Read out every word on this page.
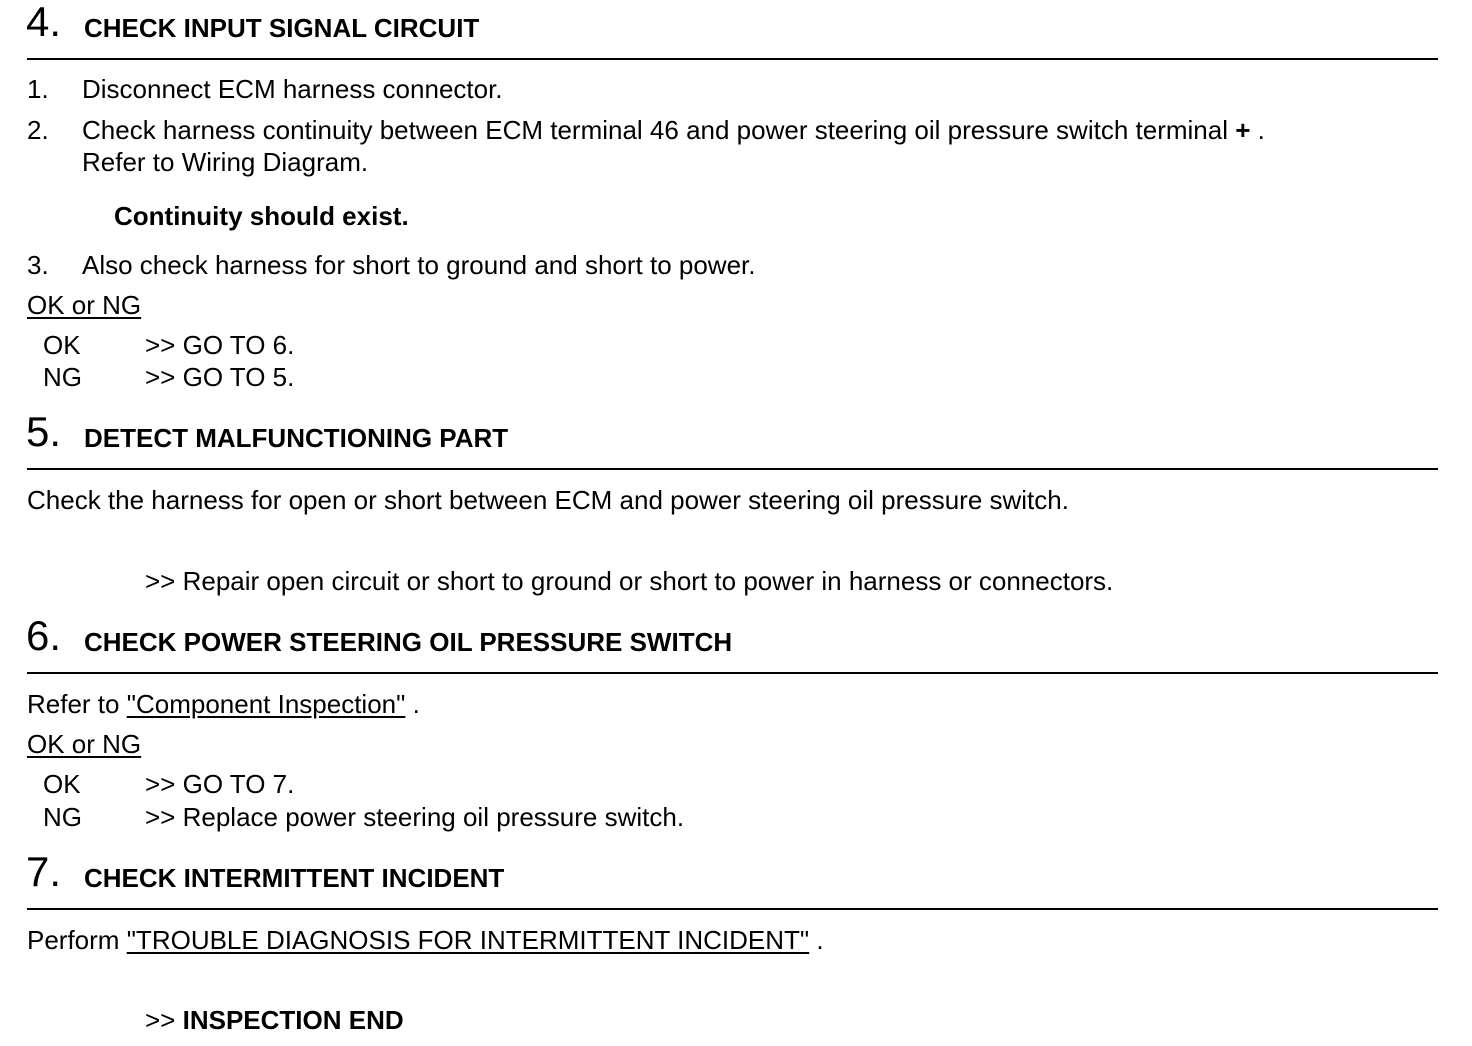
4. CHECK INPUT SIGNAL CIRCUIT
1. Disconnect ECM harness connector.
2. Check harness continuity between ECM terminal 46 and power steering oil pressure switch terminal + .
Refer to Wiring Diagram.
Continuity should exist.
3. Also check harness for short to ground and short to power.
OK or NG
OK >> GO TO 6.
NG >> GO TO 5.
5. DETECT MALFUNCTIONING PART
Check the harness for open or short between ECM and power steering oil pressure switch.
>> Repair open circuit or short to ground or short to power in harness or connectors.
6. CHECK POWER STEERING OIL PRESSURE SWITCH
Refer to "Component Inspection" .
OK or NG
OK >> GO TO 7.
NG >> Replace power steering oil pressure switch.
7. CHECK INTERMITTENT INCIDENT
Perform "TROUBLE DIAGNOSIS FOR INTERMITTENT INCIDENT" .
>> INSPECTION END
